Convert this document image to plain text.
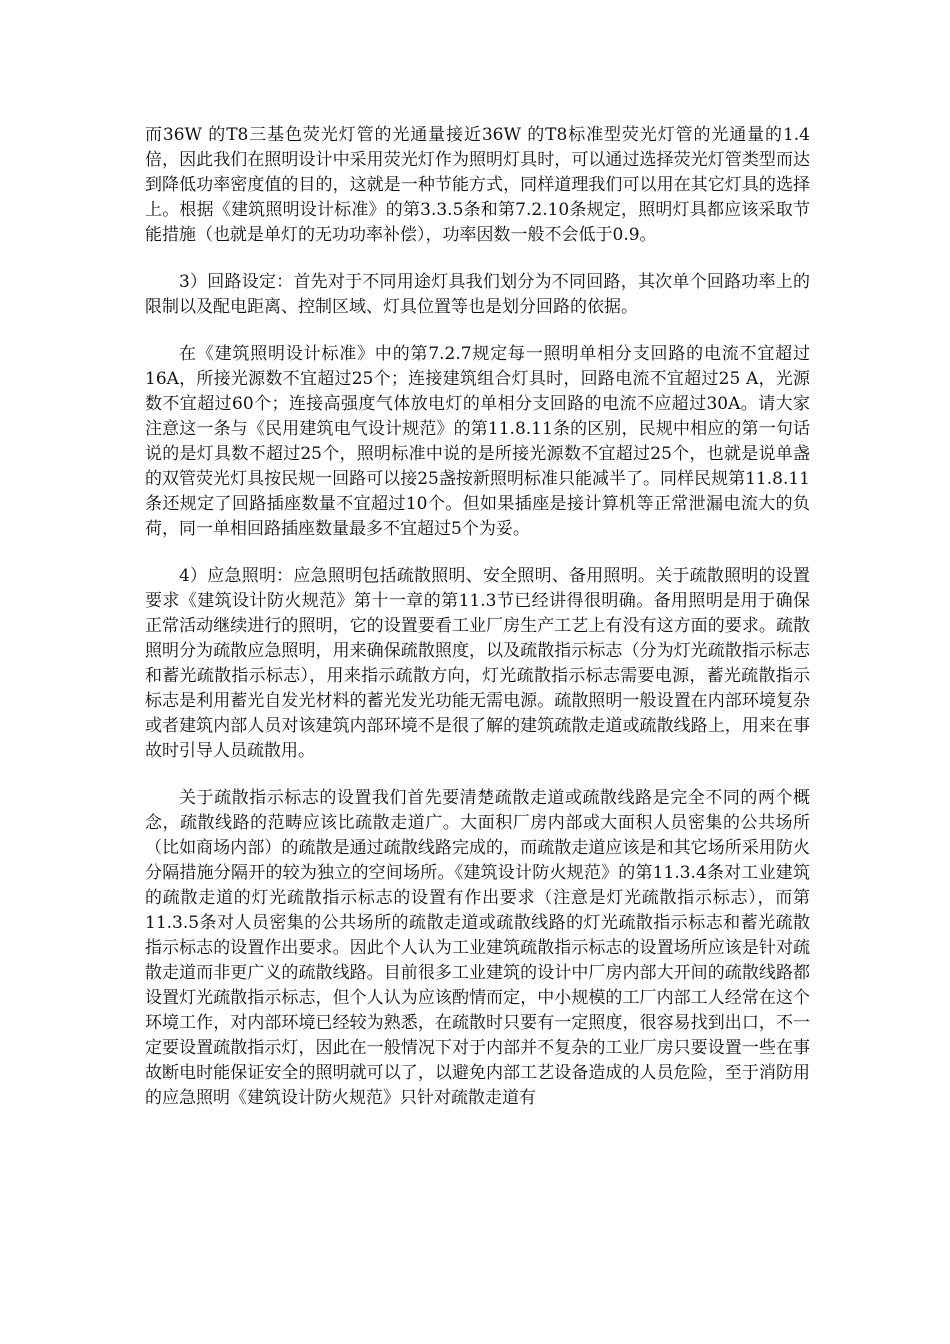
而36W 的T8三基色荧光灯管的光通量接近36W 的T8标准型荧光灯管的光通量的1.4倍，因此我们在照明设计中采用荧光灯作为照明灯具时，可以通过选择荧光灯管类型而达到降低功率密度值的目的，这就是一种节能方式，同样道理我们可以用在其它灯具的选择上。根据《建筑照明设计标准》的第3.3.5条和第7.2.10条规定，照明灯具都应该采取节能措施（也就是单灯的无功功率补偿），功率因数一般不会低于0.9。

3）回路设定：首先对于不同用途灯具我们划分为不同回路，其次单个回路功率上的限制以及配电距离、控制区域、灯具位置等也是划分回路的依据。

在《建筑照明设计标准》中的第7.2.7规定每一照明单相分支回路的电流不宜超过16A，所接光源数不宜超过25个；连接建筑组合灯具时，回路电流不宜超过25 A，光源数不宜超过60个；连接高强度气体放电灯的单相分支回路的电流不应超过30A。请大家注意这一条与《民用建筑电气设计规范》的第11.8.11条的区别，民规中相应的第一句话说的是灯具数不超过25个，照明标准中说的是所接光源数不宜超过25个，也就是说单盏的双管荧光灯具按民规一回路可以接25盏按新照明标准只能减半了。同样民规第11.8.11条还规定了回路插座数量不宜超过10个。但如果插座是接计算机等正常泄漏电流大的负荷，同一单相回路插座数量最多不宜超过5个为妥。

4）应急照明：应急照明包括疏散照明、安全照明、备用照明。关于疏散照明的设置要求《建筑设计防火规范》第十一章的第11.3节已经讲得很明确。备用照明是用于确保正常活动继续进行的照明，它的设置要看工业厂房生产工艺上有没有这方面的要求。疏散照明分为疏散应急照明，用来确保疏散照度，以及疏散指示标志（分为灯光疏散指示标志和蓄光疏散指示标志），用来指示疏散方向，灯光疏散指示标志需要电源，蓄光疏散指示标志是利用蓄光自发光材料的蓄光发光功能无需电源。疏散照明一般设置在内部环境复杂或者建筑内部人员对该建筑内部环境不是很了解的建筑疏散走道或疏散线路上，用来在事故时引导人员疏散用。

关于疏散指示标志的设置我们首先要清楚疏散走道或疏散线路是完全不同的两个概念，疏散线路的范畴应该比疏散走道广。大面积厂房内部或大面积人员密集的公共场所（比如商场内部）的疏散是通过疏散线路完成的，而疏散走道应该是和其它场所采用防火分隔措施分隔开的较为独立的空间场所。《建筑设计防火规范》的第11.3.4条对工业建筑的疏散走道的灯光疏散指示标志的设置有作出要求（注意是灯光疏散指示标志），而第11.3.5条对人员密集的公共场所的疏散走道或疏散线路的灯光疏散指示标志和蓄光疏散指示标志的设置作出要求。因此个人认为工业建筑疏散指示标志的设置场所应该是针对疏散走道而非更广义的疏散线路。目前很多工业建筑的设计中厂房内部大开间的疏散线路都设置灯光疏散指示标志，但个人认为应该酌情而定，中小规模的工厂内部工人经常在这个环境工作，对内部环境已经较为熟悉，在疏散时只要有一定照度，很容易找到出口，不一定要设置疏散指示灯，因此在一般情况下对于内部并不复杂的工业厂房只要设置一些在事故断电时能保证安全的照明就可以了，以避免内部工艺设备造成的人员危险，至于消防用的应急照明《建筑设计防火规范》只针对疏散走道有
